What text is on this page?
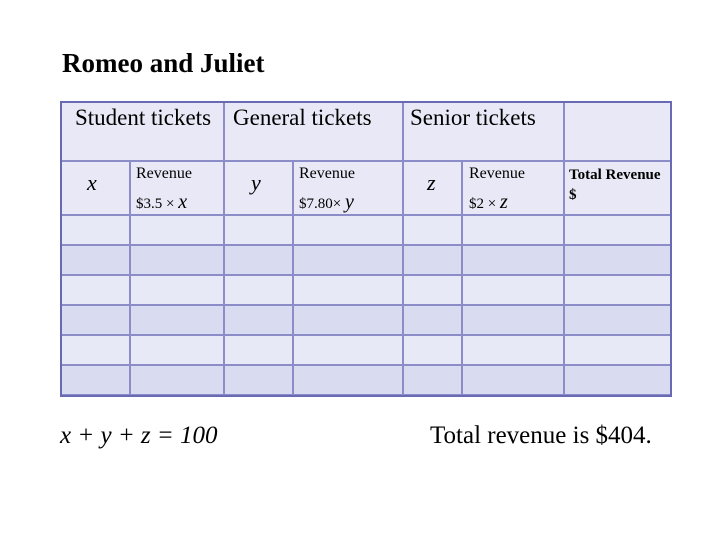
Romeo and Juliet
Student tickets General tickets Senior tickets
x Revenue
$3.5 × x
y Revenue
$7.80× y
z Revenue
$2 × z
Total Revenue $
x + y + z = 100	Total revenue is $404.
